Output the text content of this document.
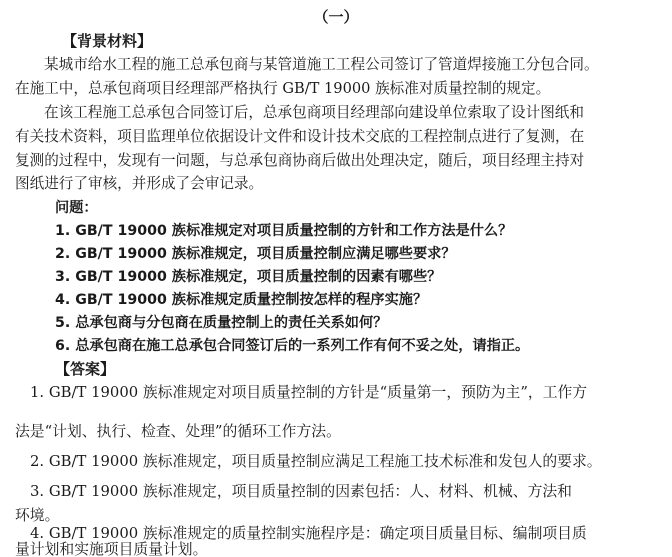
（一）
【背景材料】
某城市给水工程的施工总承包商与某管道施工工程公司签订了管道焊接施工分包合同。
在施工中，总承包商项目经理部严格执行 GB/T 19000 族标准对质量控制的规定。
在该工程施工总承包合同签订后，总承包商项目经理部向建设单位索取了设计图纸和
有关技术资料，项目监理单位依据设计文件和设计技术交底的工程控制点进行了复测，在
复测的过程中，发现有一问题，与总承包商协商后做出处理决定，随后，项目经理主持对
图纸进行了审核，并形成了会审记录。
问题：
1. GB/T 19000 族标准规定对项目质量控制的方针和工作方法是什么？
2. GB/T 19000 族标准规定，项目质量控制应满足哪些要求？
3. GB/T 19000 族标准规定，项目质量控制的因素有哪些？
4. GB/T 19000 族标准规定质量控制按怎样的程序实施？
5. 总承包商与分包商在质量控制上的责任关系如何？
6. 总承包商在施工总承包合同签订后的一系列工作有何不妥之处，请指正。
【答案】
1. GB/T 19000 族标准规定对项目质量控制的方针是“质量第一，预防为主”，工作方
法是“计划、执行、检查、处理”的循环工作方法。
2. GB/T 19000 族标准规定，项目质量控制应满足工程施工技术标准和发包人的要求。
3. GB/T 19000 族标准规定，项目质量控制的因素包括：人、材料、机械、方法和
环境。
4. GB/T 19000 族标准规定的质量控制实施程序是：确定项目质量目标、编制项目质
量计划和实施项目质量计划。
